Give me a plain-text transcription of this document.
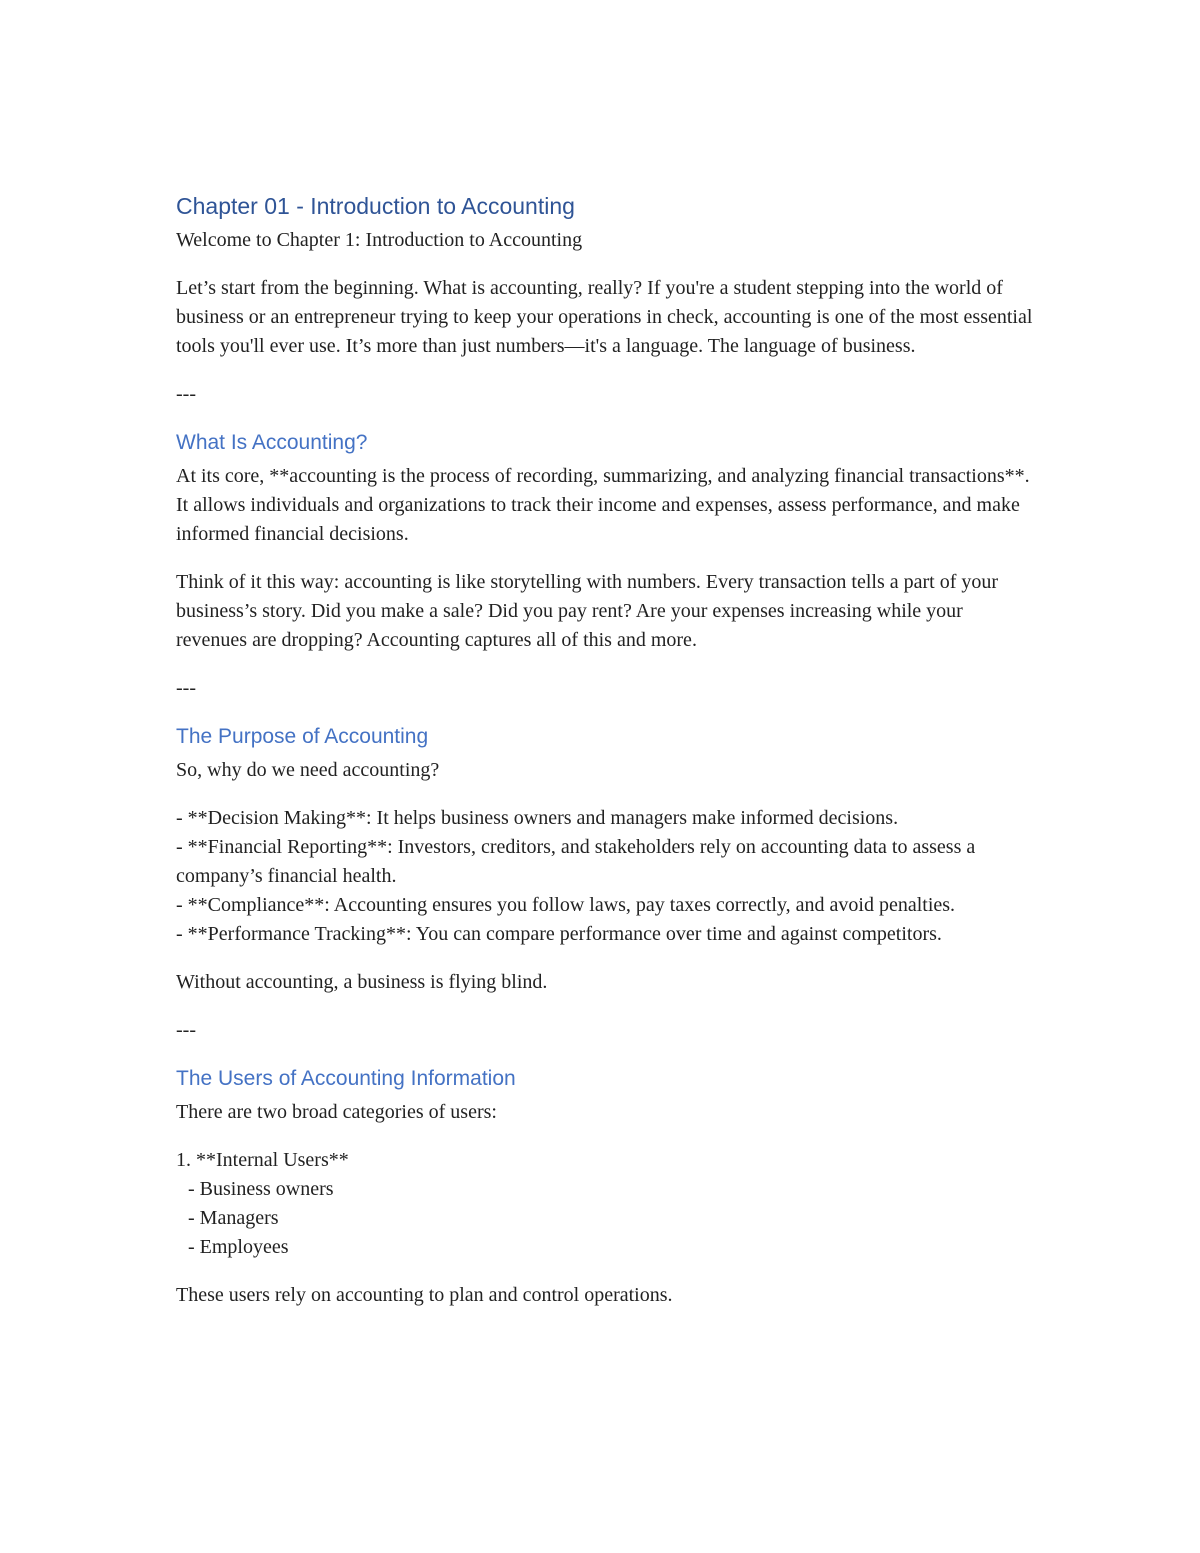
Chapter 01 - Introduction to Accounting

Welcome to Chapter 1: Introduction to Accounting

Let’s start from the beginning. What is accounting, really? If you're a student stepping into the world of business or an entrepreneur trying to keep your operations in check, accounting is one of the most essential tools you'll ever use. It’s more than just numbers—it's a language. The language of business.

---

What Is Accounting?

At its core, **accounting is the process of recording, summarizing, and analyzing financial transactions**. It allows individuals and organizations to track their income and expenses, assess performance, and make informed financial decisions.

Think of it this way: accounting is like storytelling with numbers. Every transaction tells a part of your business’s story. Did you make a sale? Did you pay rent? Are your expenses increasing while your revenues are dropping? Accounting captures all of this and more.

---

The Purpose of Accounting

So, why do we need accounting?

- **Decision Making**: It helps business owners and managers make informed decisions.
- **Financial Reporting**: Investors, creditors, and stakeholders rely on accounting data to assess a company’s financial health.
- **Compliance**: Accounting ensures you follow laws, pay taxes correctly, and avoid penalties.
- **Performance Tracking**: You can compare performance over time and against competitors.

Without accounting, a business is flying blind.

---

The Users of Accounting Information

There are two broad categories of users:

1. **Internal Users**
- Business owners
- Managers
- Employees

These users rely on accounting to plan and control operations.
